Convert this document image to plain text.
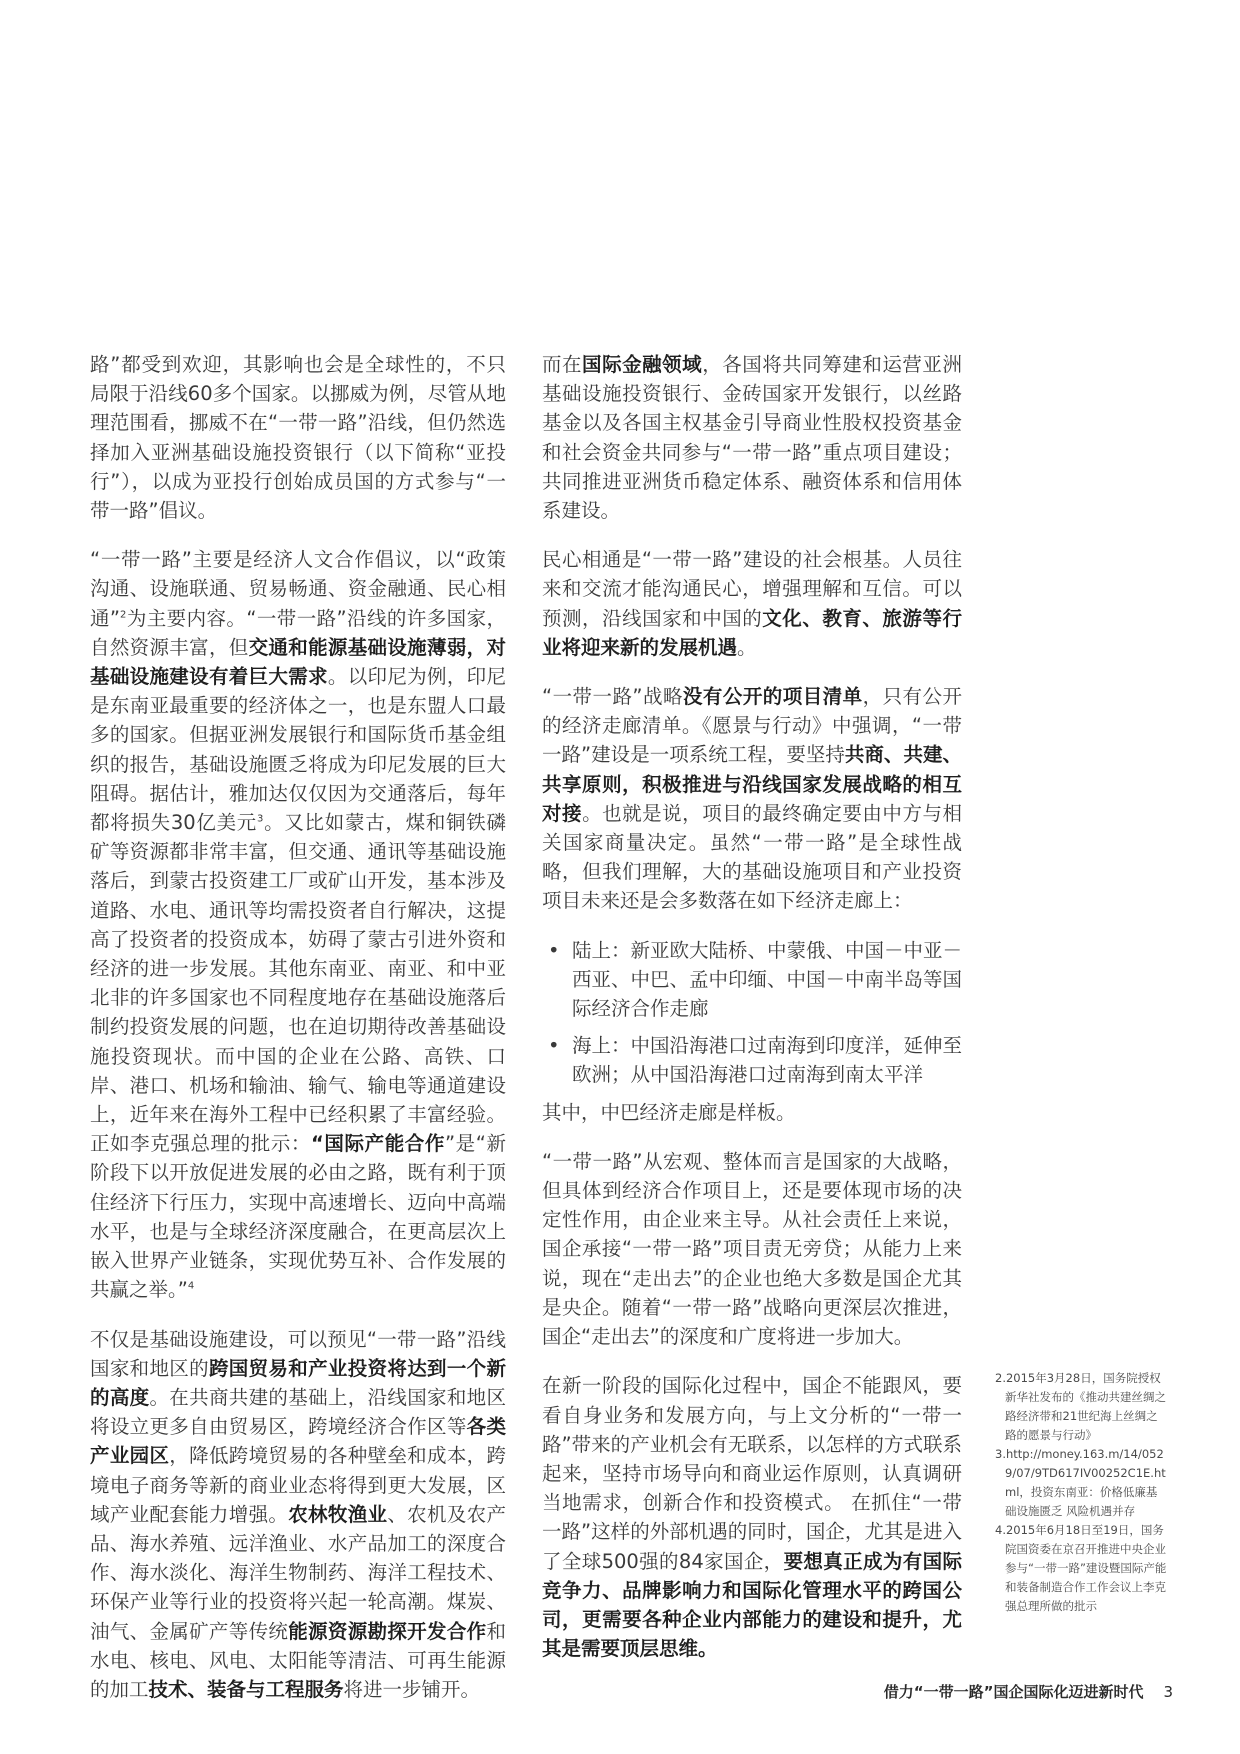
路”都受到欢迎，其影响也会是全球性的，不只局限于沿线60多个国家。以挪威为例，尽管从地理范围看，挪威不在“一带一路”沿线，但仍然选择加入亚洲基础设施投资银行（以下简称“亚投行”），以成为亚投行创始成员国的方式参与“一带一路”倡议。

“一带一路”主要是经济人文合作倡议，以“政策沟通、设施联通、贸易畅通、资金融通、民心相通”$^2$为主要内容。“一带一路”沿线的许多国家，自然资源丰富，但交通和能源基础设施薄弱，对基础设施建设有着巨大需求。以印尼为例，印尼是东南亚最重要的经济体之一，也是东盟人口最多的国家。但据亚洲发展银行和国际货币基金组织的报告，基础设施匮乏将成为印尼发展的巨大阻碍。据估计，雅加达仅仅因为交通落后，每年都将损失30亿美元$^3$。又比如蒙古，煤和铜铁磷矿等资源都非常丰富，但交通、通讯等基础设施落后，到蒙古投资建工厂或矿山开发，基本涉及道路、水电、通讯等均需投资者自行解决，这提高了投资者的投资成本，妨碍了蒙古引进外资和经济的进一步发展。其他东南亚、南亚、和中亚北非的许多国家也不同程度地存在基础设施落后制约投资发展的问题，也在迫切期待改善基础设施投资现状。而中国的企业在公路、高铁、口岸、港口、机场和输油、输气、输电等通道建设上，近年来在海外工程中已经积累了丰富经验。正如李克强总理的批示：“国际产能合作”是“新阶段下以开放促进发展的必由之路，既有利于顶住经济下行压力，实现中高速增长、迈向中高端水平，也是与全球经济深度融合，在更高层次上嵌入世界产业链条，实现优势互补、合作发展的共赢之举。”$^4$

不仅是基础设施建设，可以预见“一带一路”沿线国家和地区的跨国贸易和产业投资将达到一个新的高度。在共商共建的基础上，沿线国家和地区将设立更多自由贸易区，跨境经济合作区等各类产业园区，降低跨境贸易的各种壁垒和成本，跨境电子商务等新的商业业态将得到更大发展，区域产业配套能力增强。农林牧渔业、农机及农产品、海水养殖、远洋渔业、水产品加工的深度合作、海水淡化、海洋生物制药、海洋工程技术、环保产业等行业的投资将兴起一轮高潮。煤炭、油气、金属矿产等传统能源资源勘探开发合作和水电、核电、风电、太阳能等清洁、可再生能源的加工技术、装备与工程服务将进一步铺开。

而在国际金融领域，各国将共同筹建和运营亚洲基础设施投资银行、金砖国家开发银行，以丝路基金以及各国主权基金引导商业性股权投资基金和社会资金共同参与“一带一路”重点项目建设；共同推进亚洲货币稳定体系、融资体系和信用体系建设。

民心相通是“一带一路”建设的社会根基。人员往来和交流才能沟通民心，增强理解和互信。可以预测，沿线国家和中国的文化、教育、旅游等行业将迎来新的发展机遇。

“一带一路”战略没有公开的项目清单，只有公开的经济走廊清单。《愿景与行动》中强调，“一带一路”建设是一项系统工程，要坚持共商、共建、共享原则，积极推进与沿线国家发展战略的相互对接。也就是说，项目的最终确定要由中方与相关国家商量决定。虽然“一带一路”是全球性战略，但我们理解，大的基础设施项目和产业投资项目未来还是会多数落在如下经济走廊上：

• 陆上：新亚欧大陆桥、中蒙俄、中国－中亚－西亚、中巴、孟中印缅、中国－中南半岛等国际经济合作走廊
• 海上：中国沿海港口过南海到印度洋，延伸至欧洲；从中国沿海港口过南海到南太平洋

其中，中巴经济走廊是样板。

“一带一路”从宏观、整体而言是国家的大战略，但具体到经济合作项目上，还是要体现市场的决定性作用，由企业来主导。从社会责任上来说，国企承接“一带一路”项目责无旁贷；从能力上来说，现在“走出去”的企业也绝大多数是国企尤其是央企。随着“一带一路”战略向更深层次推进，国企“走出去”的深度和广度将进一步加大。

在新一阶段的国际化过程中，国企不能跟风，要看自身业务和发展方向，与上文分析的“一带一路”带来的产业机会有无联系，以怎样的方式联系起来，坚持市场导向和商业运作原则，认真调研当地需求，创新合作和投资模式。 在抓住“一带一路”这样的外部机遇的同时，国企，尤其是进入了全球500强的84家国企，要想真正成为有国际竞争力、品牌影响力和国际化管理水平的跨国公司，更需要各种企业内部能力的建设和提升，尤其是需要顶层思维。

2.2015年3月28日，国务院授权新华社发布的《推动共建丝绸之路经济带和21世纪海上丝绸之路的愿景与行动》

3.http://money.163.m/14/0529/07/9TD617IV00252C1E.html，投资东南亚：价格低廉基础设施匮乏 风险机遇并存

4.2015年6月18日至19日，国务院国资委在京召开推进中央企业参与“一带一路”建设暨国际产能和装备制造合作工作会议上李克强总理所做的批示

借力“一带一路”国企国际化迈进新时代 3
